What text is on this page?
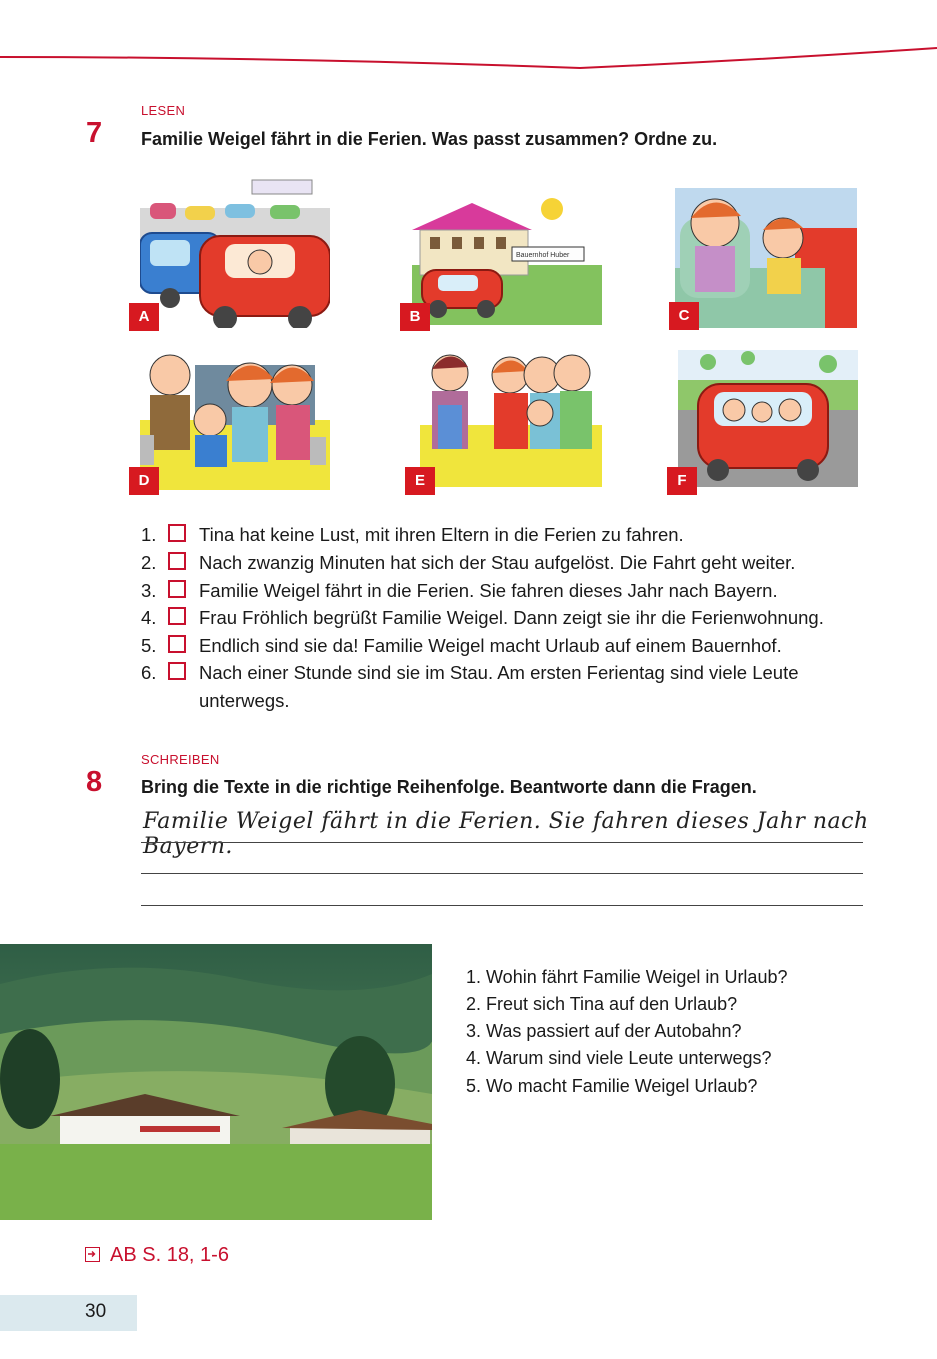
LESEN
7 Familie Weigel fährt in die Ferien. Was passt zusammen? Ordne zu.
A
Bauernhof Huber
B	C
D	E	F
1. Tina hat keine Lust, mit ihren Eltern in die Ferien zu fahren.
2. Nach zwanzig Minuten hat sich der Stau aufgelöst. Die Fahrt geht weiter.
3. Familie Weigel fährt in die Ferien. Sie fahren dieses Jahr nach Bayern.
4. Frau Fröhlich begrüßt Familie Weigel. Dann zeigt sie ihr die Ferienwohnung.
5. Endlich sind sie da! Familie Weigel macht Urlaub auf einem Bauernhof.
6. Nach einer Stunde sind sie im Stau. Am ersten Ferientag sind viele Leute
unterwegs.
SCHREIBEN
8 Bring die Texte in die richtige Reihenfolge. Beantworte dann die Fragen.
Familie Weigel fährt in die Ferien. Sie fahren dieses Jahr nach Bayern.
1. Wohin fährt Familie Weigel in Urlaub?
2. Freut sich Tina auf den Urlaub?
3. Was passiert auf der Autobahn?
4. Warum sind viele Leute unterwegs?
5. Wo macht Familie Weigel Urlaub?
AB S. 18, 1-6
30
